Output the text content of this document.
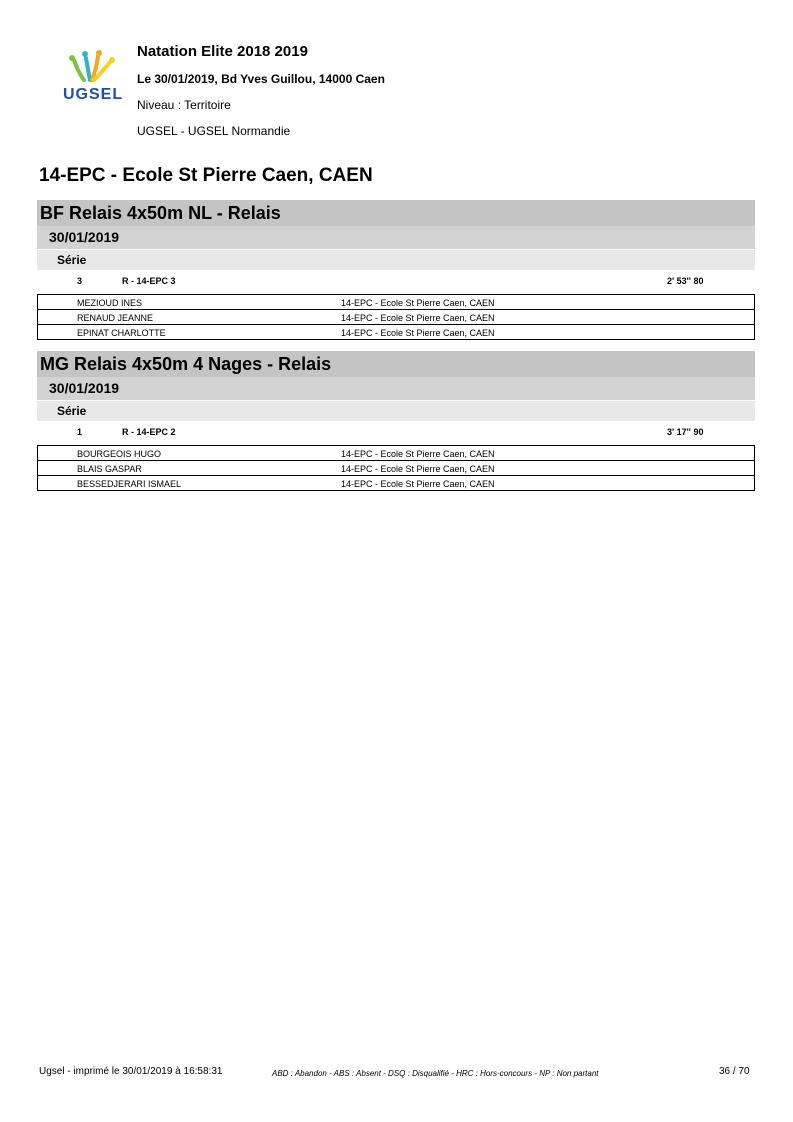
UGSEL
Natation Elite 2018 2019
Le 30/01/2019, Bd Yves Guillou, 14000 Caen
Niveau : Territoire
UGSEL - UGSEL Normandie
14-EPC - Ecole St Pierre Caen, CAEN
BF Relais 4x50m NL - Relais
30/01/2019
Série
3	R - 14-EPC 3	2' 53'' 80
MEZIOUD INES	14-EPC - Ecole St Pierre Caen, CAEN
RENAUD JEANNE	14-EPC - Ecole St Pierre Caen, CAEN
EPINAT CHARLOTTE	14-EPC - Ecole St Pierre Caen, CAEN
MG Relais 4x50m 4 Nages - Relais
30/01/2019
Série
1	R - 14-EPC 2	3' 17'' 90
BOURGEOIS HUGO	14-EPC - Ecole St Pierre Caen, CAEN
BLAIS GASPAR	14-EPC - Ecole St Pierre Caen, CAEN
BESSEDJERARI ISMAEL	14-EPC - Ecole St Pierre Caen, CAEN
Ugsel - imprimé le 30/01/2019 à 16:58:31	ABD : Abandon - ABS : Absent - DSQ : Disqualifié - HRC : Hors-concours - NP : Non partant	36 / 70
